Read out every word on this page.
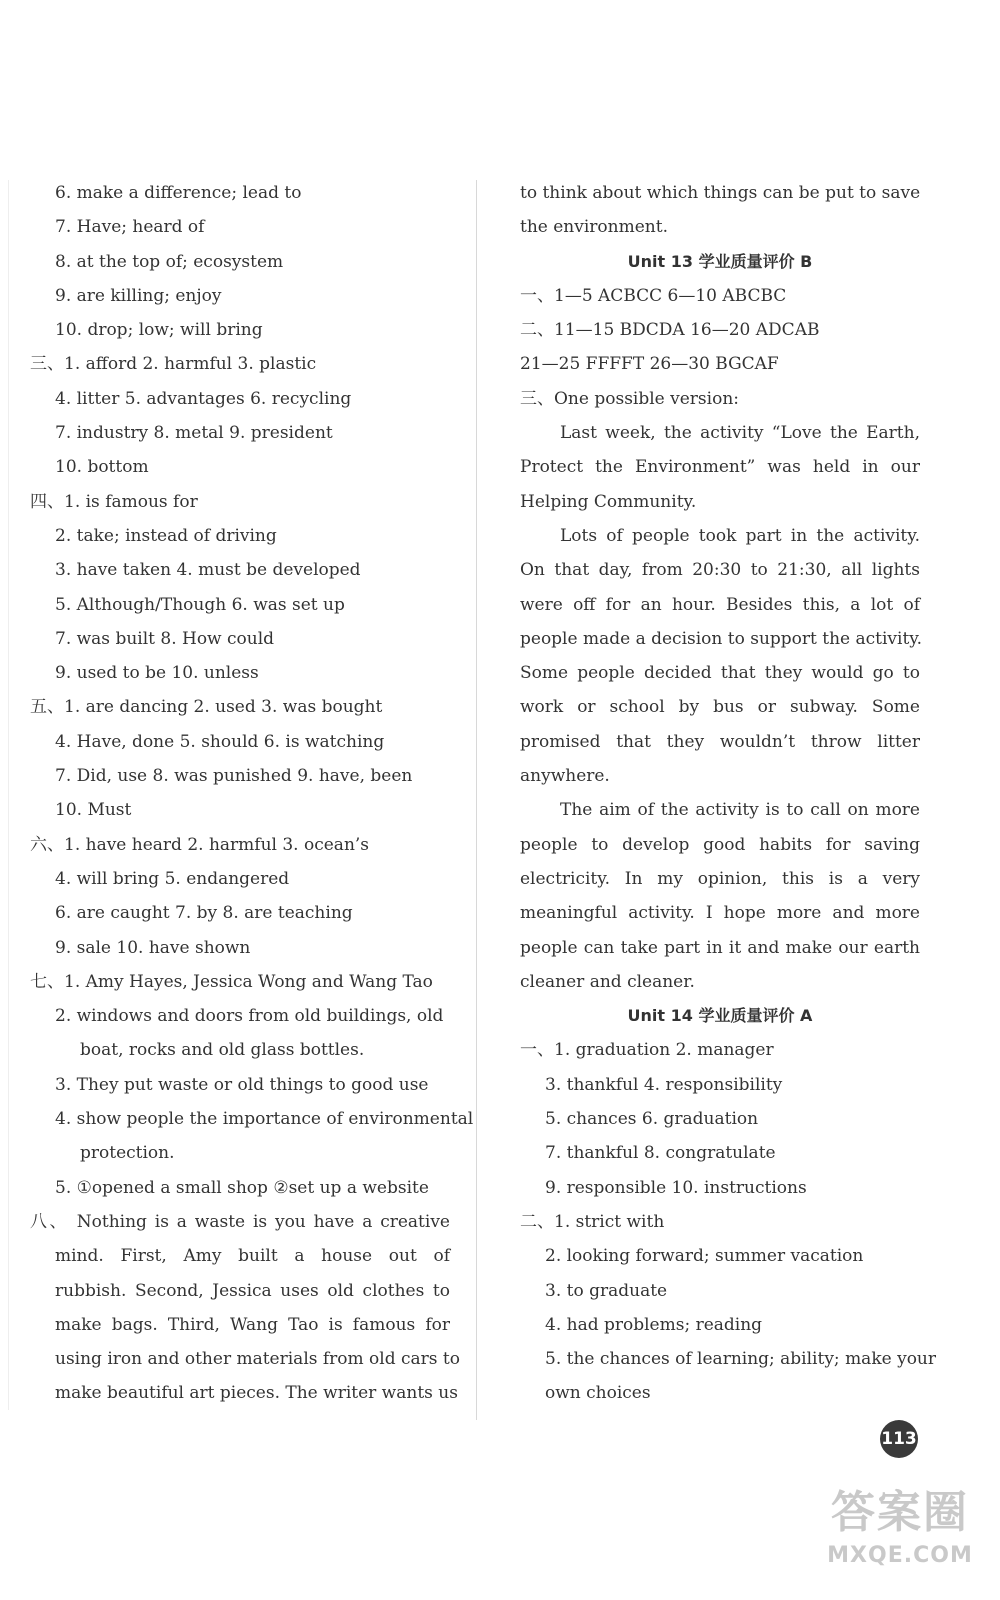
6. make a difference; lead to
7. Have; heard of
8. at the top of; ecosystem
9. are killing; enjoy
10. drop; low; will bring
三、1. afford 2. harmful 3. plastic
4. litter 5. advantages 6. recycling
7. industry 8. metal 9. president
10. bottom
四、1. is famous for
2. take; instead of driving
3. have taken 4. must be developed
5. Although/Though 6. was set up
7. was built 8. How could
9. used to be 10. unless
五、1. are dancing 2. used 3. was bought
4. Have, done 5. should 6. is watching
7. Did, use 8. was punished 9. have, been
10. Must
六、1. have heard 2. harmful 3. ocean’s
4. will bring 5. endangered
6. are caught 7. by 8. are teaching
9. sale 10. have shown
七、1. Amy Hayes, Jessica Wong and Wang Tao
2. windows and doors from old buildings, old
boat, rocks and old glass bottles.
3. They put waste or old things to good use
4. show people the importance of environmental
protection.
5. ①opened a small shop ②set up a website
八、 Nothing is a waste is you have a creative
mind. First, Amy built a house out of
rubbish. Second, Jessica uses old clothes to
make bags. Third, Wang Tao is famous for
using iron and other materials from old cars to
make beautiful art pieces. The writer wants us
to think about which things can be put to save
the environment.
Unit 13 学业质量评价 B
一、1—5 ACBCC 6—10 ABCBC
二、11—15 BDCDA 16—20 ADCAB
21—25 FFFFT 26—30 BGCAF
三、One possible version:
Last week, the activity “Love the Earth,
Protect the Environment” was held in our
Helping Community.
Lots of people took part in the activity.
On that day, from 20:30 to 21:30, all lights
were off for an hour. Besides this, a lot of
people made a decision to support the activity.
Some people decided that they would go to
work or school by bus or subway. Some
promised that they wouldn’t throw litter
anywhere.
The aim of the activity is to call on more
people to develop good habits for saving
electricity. In my opinion, this is a very
meaningful activity. I hope more and more
people can take part in it and make our earth
cleaner and cleaner.
Unit 14 学业质量评价 A
一、1. graduation 2. manager
3. thankful 4. responsibility
5. chances 6. graduation
7. thankful 8. congratulate
9. responsible 10. instructions
二、1. strict with
2. looking forward; summer vacation
3. to graduate
4. had problems; reading
5. the chances of learning; ability; make your
own choices
113
答案圈
MXQE.COM
